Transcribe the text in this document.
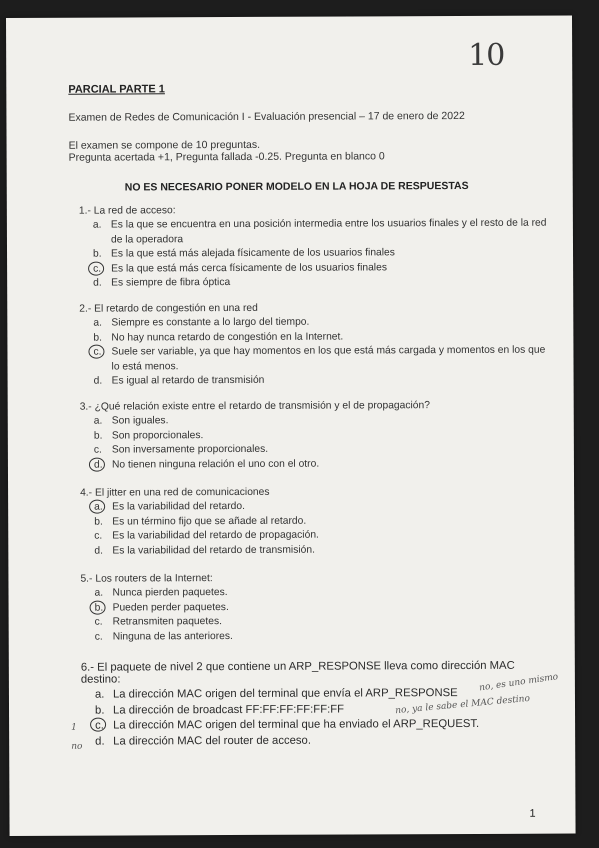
10
PARCIAL PARTE 1
Examen de Redes de Comunicación I - Evaluación presencial – 17 de enero de 2022
El examen se compone de 10 preguntas.
Pregunta acertada +1, Pregunta fallada -0.25. Pregunta en blanco 0
NO ES NECESARIO PONER MODELO EN LA HOJA DE RESPUESTAS
1.- La red de acceso:
a. Es la que se encuentra en una posición intermedia entre los usuarios finales y el resto de la red de la operadora
b. Es la que está más alejada físicamente de los usuarios finales
c. Es la que está más cerca físicamente de los usuarios finales
d. Es siempre de fibra óptica
2.- El retardo de congestión en una red
a. Siempre es constante a lo largo del tiempo.
b. No hay nunca retardo de congestión en la Internet.
c. Suele ser variable, ya que hay momentos en los que está más cargada y momentos en los que lo está menos.
d. Es igual al retardo de transmisión
3.- ¿Qué relación existe entre el retardo de transmisión y el de propagación?
a. Son iguales.
b. Son proporcionales.
c. Son inversamente proporcionales.
d. No tienen ninguna relación el uno con el otro.
4.- El jitter en una red de comunicaciones
a. Es la variabilidad del retardo.
b. Es un término fijo que se añade al retardo.
c. Es la variabilidad del retardo de propagación.
d. Es la variabilidad del retardo de transmisión.
5.- Los routers de la Internet:
a. Nunca pierden paquetes.
b. Pueden perder paquetes.
c. Retransmiten paquetes.
c. Ninguna de las anteriores.
6.- El paquete de nivel 2 que contiene un ARP_RESPONSE lleva como dirección MAC destino:
a. La dirección MAC origen del terminal que envía el ARP_RESPONSE
b. La dirección de broadcast FF:FF:FF:FF:FF:FF
c. La dirección MAC origen del terminal que ha enviado el ARP_REQUEST.
d. La dirección MAC del router de acceso.
no, es uno mismo
no, ya le sabe el MAC destino
1
no
1
